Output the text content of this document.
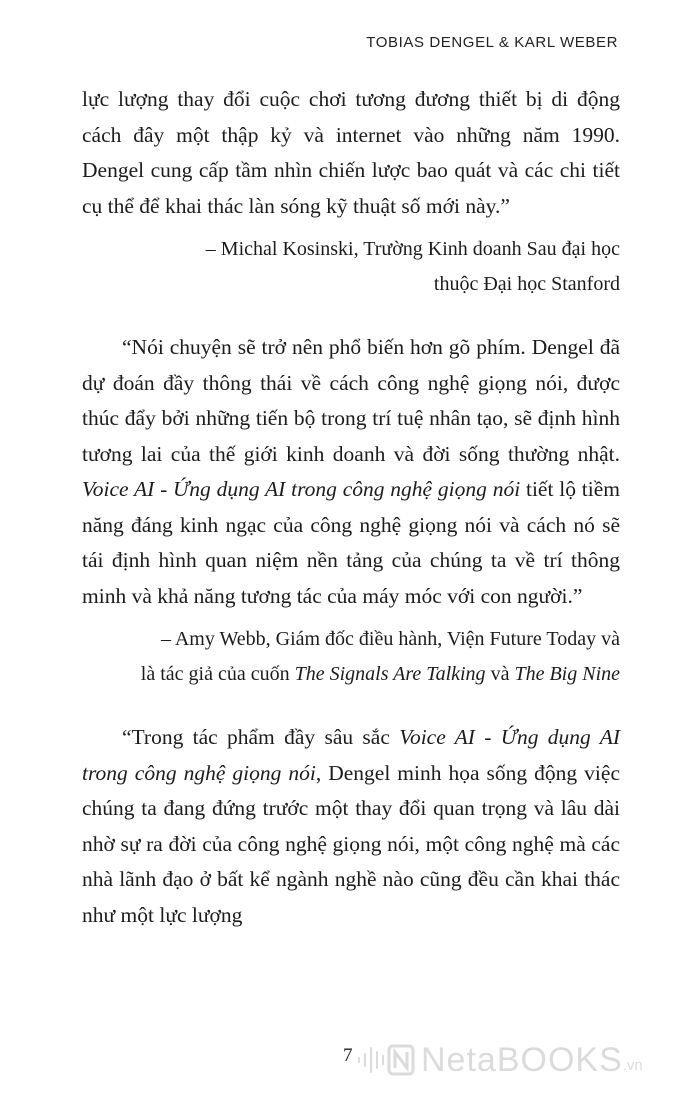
TOBIAS DENGEL & KARL WEBER

lực lượng thay đổi cuộc chơi tương đương thiết bị di động cách đây một thập kỷ và internet vào những năm 1990. Dengel cung cấp tầm nhìn chiến lược bao quát và các chi tiết cụ thể để khai thác làn sóng kỹ thuật số mới này.”

– Michal Kosinski, Trường Kinh doanh Sau đại học
thuộc Đại học Stanford

“Nói chuyện sẽ trở nên phổ biến hơn gõ phím. Dengel đã dự đoán đầy thông thái về cách công nghệ giọng nói, được thúc đẩy bởi những tiến bộ trong trí tuệ nhân tạo, sẽ định hình tương lai của thế giới kinh doanh và đời sống thường nhật. Voice AI - Ứng dụng AI trong công nghệ giọng nói tiết lộ tiềm năng đáng kinh ngạc của công nghệ giọng nói và cách nó sẽ tái định hình quan niệm nền tảng của chúng ta về trí thông minh và khả năng tương tác của máy móc với con người.”

– Amy Webb, Giám đốc điều hành, Viện Future Today và
là tác giả của cuốn The Signals Are Talking và The Big Nine

“Trong tác phẩm đầy sâu sắc Voice AI - Ứng dụng AI trong công nghệ giọng nói, Dengel minh họa sống động việc chúng ta đang đứng trước một thay đổi quan trọng và lâu dài nhờ sự ra đời của công nghệ giọng nói, một công nghệ mà các nhà lãnh đạo ở bất kể ngành nghề nào cũng đều cần khai thác như một lực lượng

7 NetaBOOKS .vn
